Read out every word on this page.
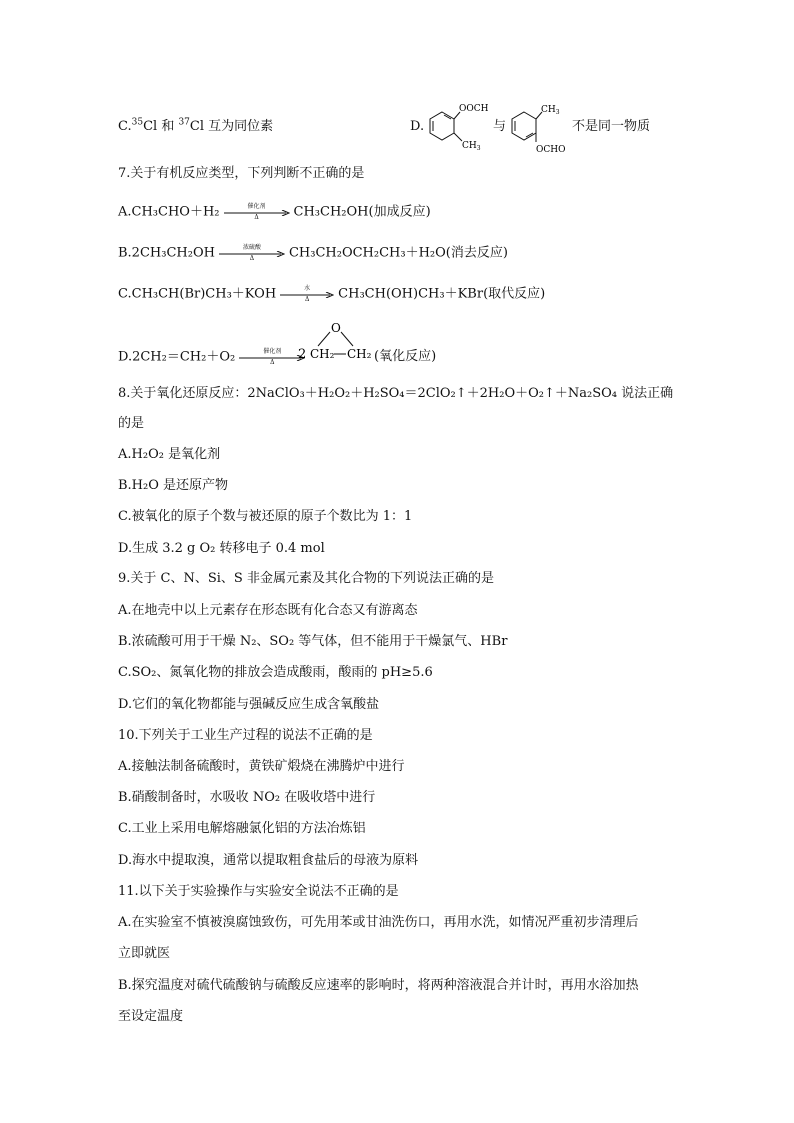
C.$^{35}$Cl 和 $^{37}$Cl 互为同位素	D.
OOCH
$CH_3$
与
$CH_3$
OCHO
不是同一物质
7.关于有机反应类型，下列判断不正确的是
A.CH₃CHO＋H₂	催化剂
Δ	CH₃CH₂OH(加成反应)
B.2CH₃CH₂OH	浓硫酸
Δ	CH₃CH₂OCH₂CH₃＋H₂O(消去反应)
C.CH₃CH(Br)CH₃＋KOH	水
Δ	CH₃CH(OH)CH₃＋KBr(取代反应)
D.2CH₂＝CH₂＋O₂	催化剂
Δ
2
O
CH₂ CH₂ (氧化反应)
8.关于氧化还原反应：2NaClO₃＋H₂O₂＋H₂SO₄＝2ClO₂↑＋2H₂O＋O₂↑＋Na₂SO₄ 说法正确
的是
A.H₂O₂ 是氧化剂
B.H₂O 是还原产物
C.被氧化的原子个数与被还原的原子个数比为 1：1
D.生成 3.2 g O₂ 转移电子 0.4 mol
9.关于 C、N、Si、S 非金属元素及其化合物的下列说法正确的是
A.在地壳中以上元素存在形态既有化合态又有游离态
B.浓硫酸可用于干燥 N₂、SO₂ 等气体，但不能用于干燥氯气、HBr
C.SO₂、氮氧化物的排放会造成酸雨，酸雨的 pH≥5.6
D.它们的氧化物都能与强碱反应生成含氧酸盐
10.下列关于工业生产过程的说法不正确的是
A.接触法制备硫酸时，黄铁矿煅烧在沸腾炉中进行
B.硝酸制备时，水吸收 NO₂ 在吸收塔中进行
C.工业上采用电解熔融氯化铝的方法冶炼铝
D.海水中提取溴，通常以提取粗食盐后的母液为原料
11.以下关于实验操作与实验安全说法不正确的是
A.在实验室不慎被溴腐蚀致伤，可先用苯或甘油洗伤口，再用水洗，如情况严重初步清理后
立即就医
B.探究温度对硫代硫酸钠与硫酸反应速率的影响时，将两种溶液混合并计时，再用水浴加热
至设定温度
